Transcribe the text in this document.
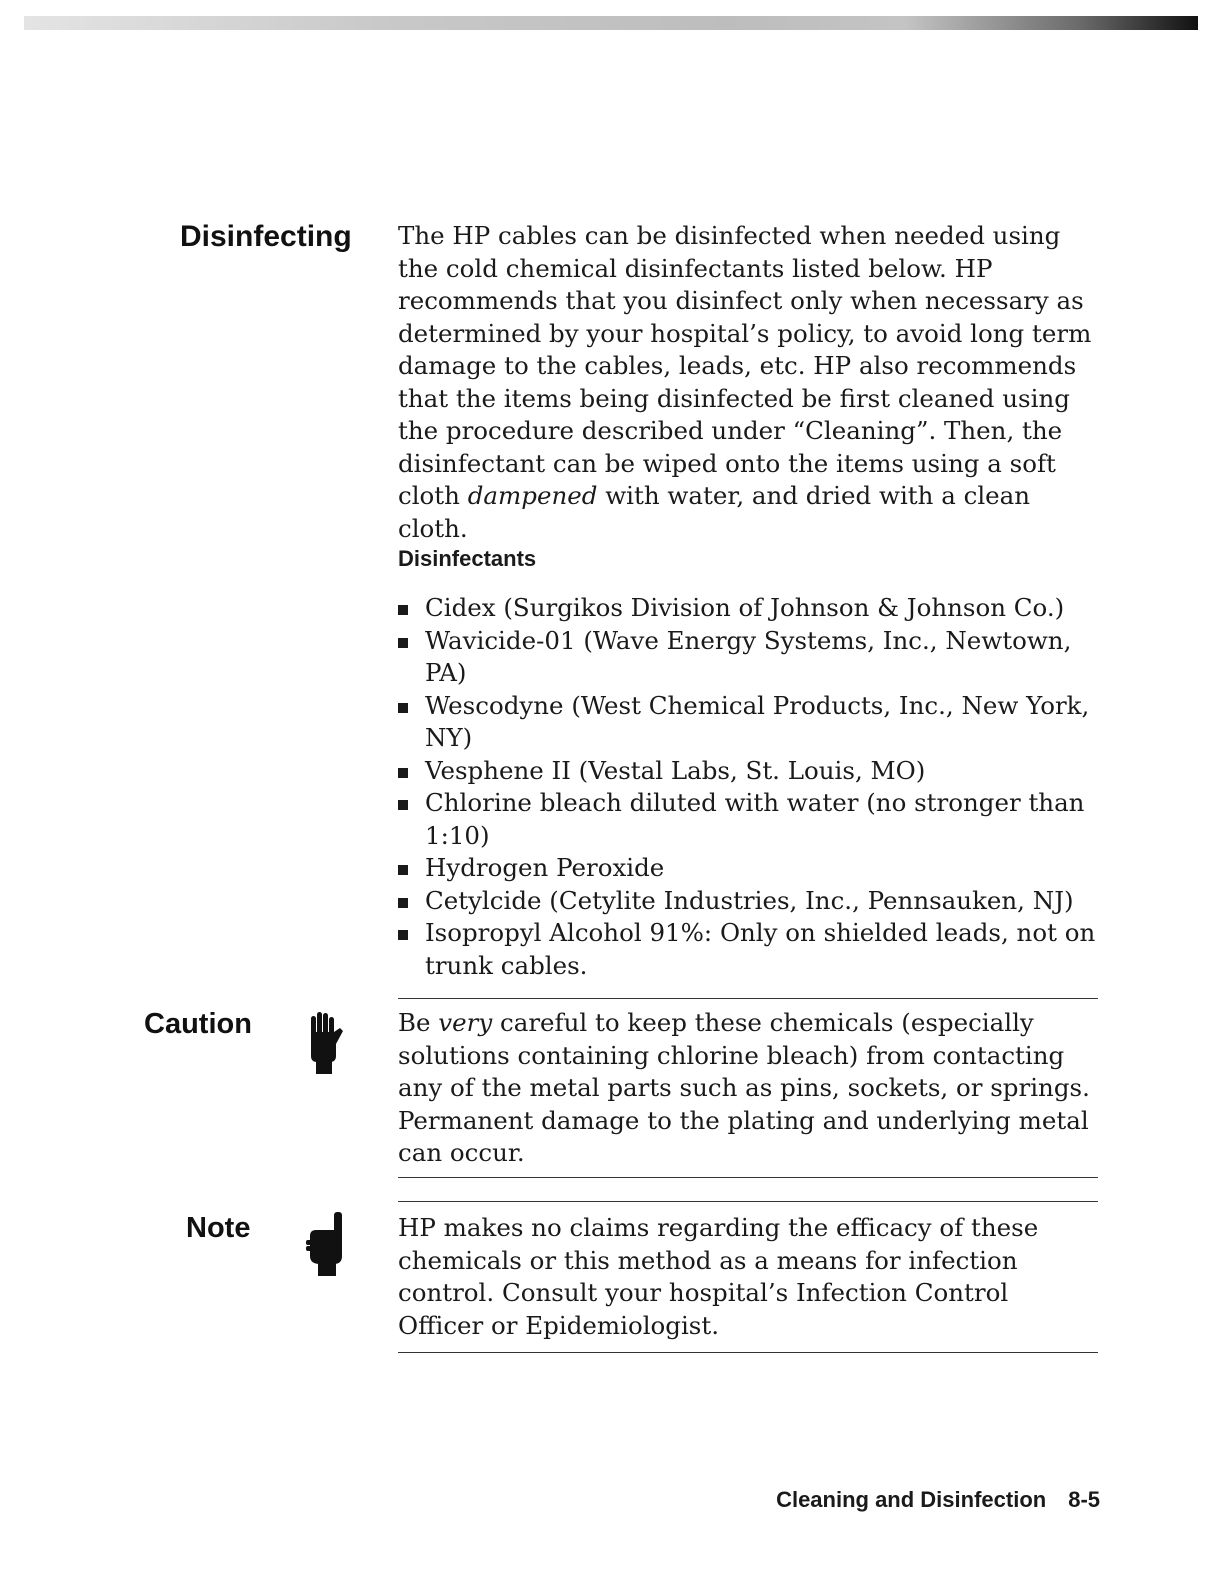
Disinfecting The HP cables can be disinfected when needed using the cold chemical disinfectants listed below. HP recommends that you disinfect only when necessary as determined by your hospital’s policy, to avoid long term damage to the cables, leads, etc. HP also recommends that the items being disinfected be first cleaned using the procedure described under “Cleaning”. Then, the disinfectant can be wiped onto the items using a soft cloth dampened with water, and dried with a clean cloth.

Disinfectants
Cidex (Surgikos Division of Johnson & Johnson Co.)
Wavicide-01 (Wave Energy Systems, Inc., Newtown, PA)
Wescodyne (West Chemical Products, Inc., New York, NY)
Vesphene II (Vestal Labs, St. Louis, MO)
Chlorine bleach diluted with water (no stronger than 1:10)
Hydrogen Peroxide
Cetylcide (Cetylite Industries, Inc., Pennsauken, NJ)
Isopropyl Alcohol 91%: Only on shielded leads, not on trunk cables.
Caution	Be very careful to keep these chemicals (especially solutions containing chlorine bleach) from contacting any of the metal parts such as pins, sockets, or springs. Permanent damage to the plating and underlying metal can occur.

Note	HP makes no claims regarding the efficacy of these chemicals or this method as a means for infection control. Consult your hospital’s Infection Control Officer or Epidemiologist.

Cleaning and Disinfection 8-5
